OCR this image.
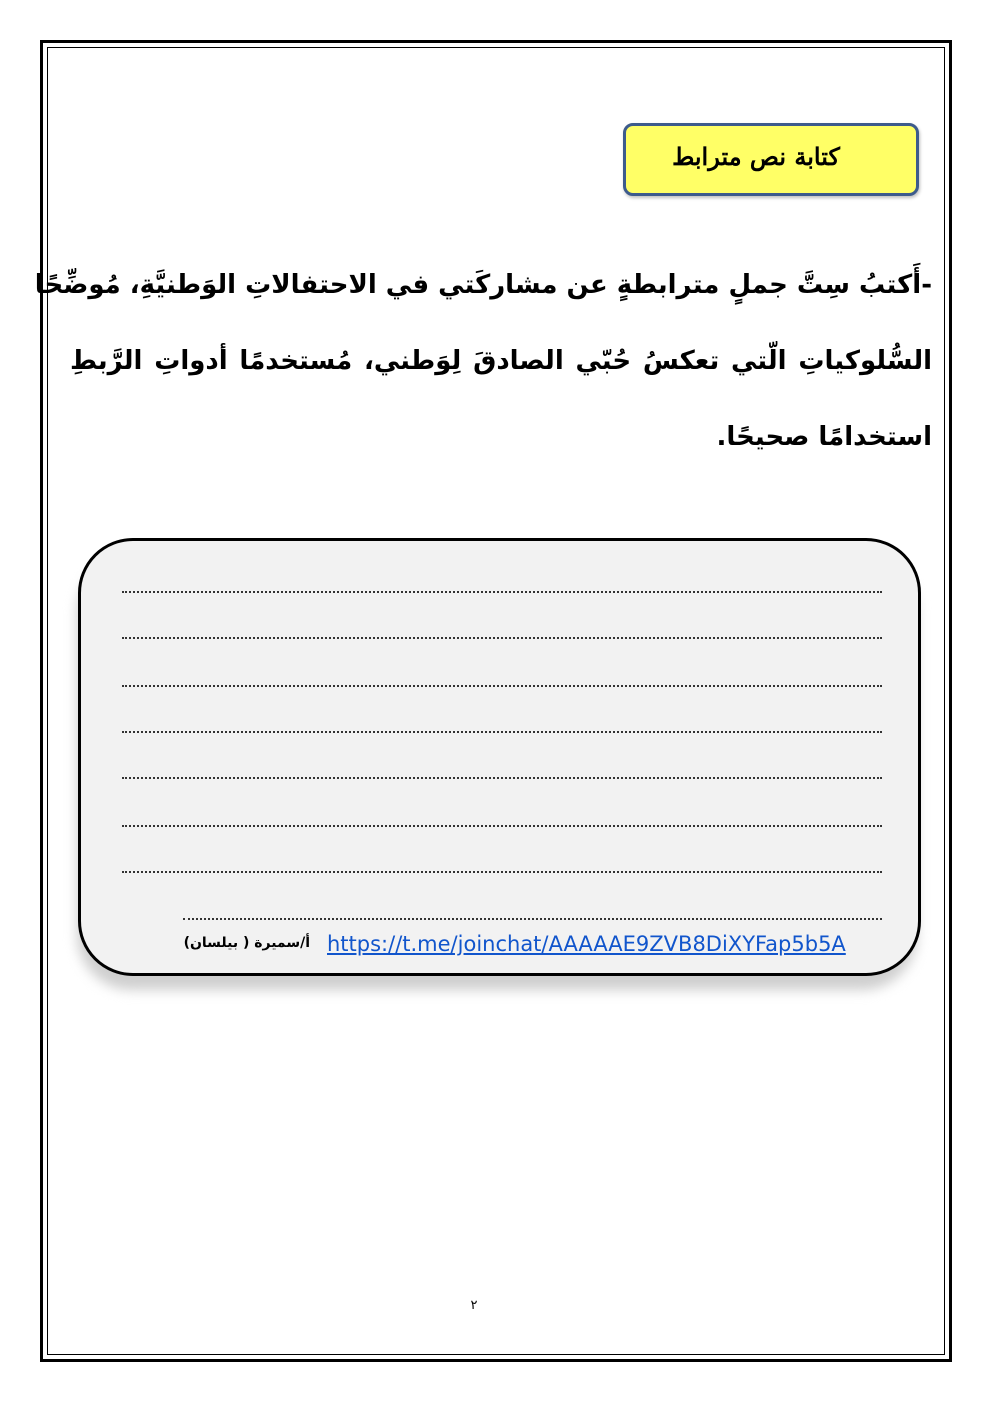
كتابة نص مترابط
-أَكتبُ سِتَّ جملٍ مترابطةٍ عن مشاركَتي في الاحتفالاتِ الوَطنيَّةِ، مُوضِّحًا
السُّلوكياتِ الّتي تعكسُ حُبّي الصادقَ لِوَطني، مُستخدمًا أدواتِ الرَّبطِ
استخدامًا صحيحًا.
https://t.me/joinchat/AAAAAE9ZVB8DiXYFap5b5A
أ/سميرة ( بيلسان)
٢
